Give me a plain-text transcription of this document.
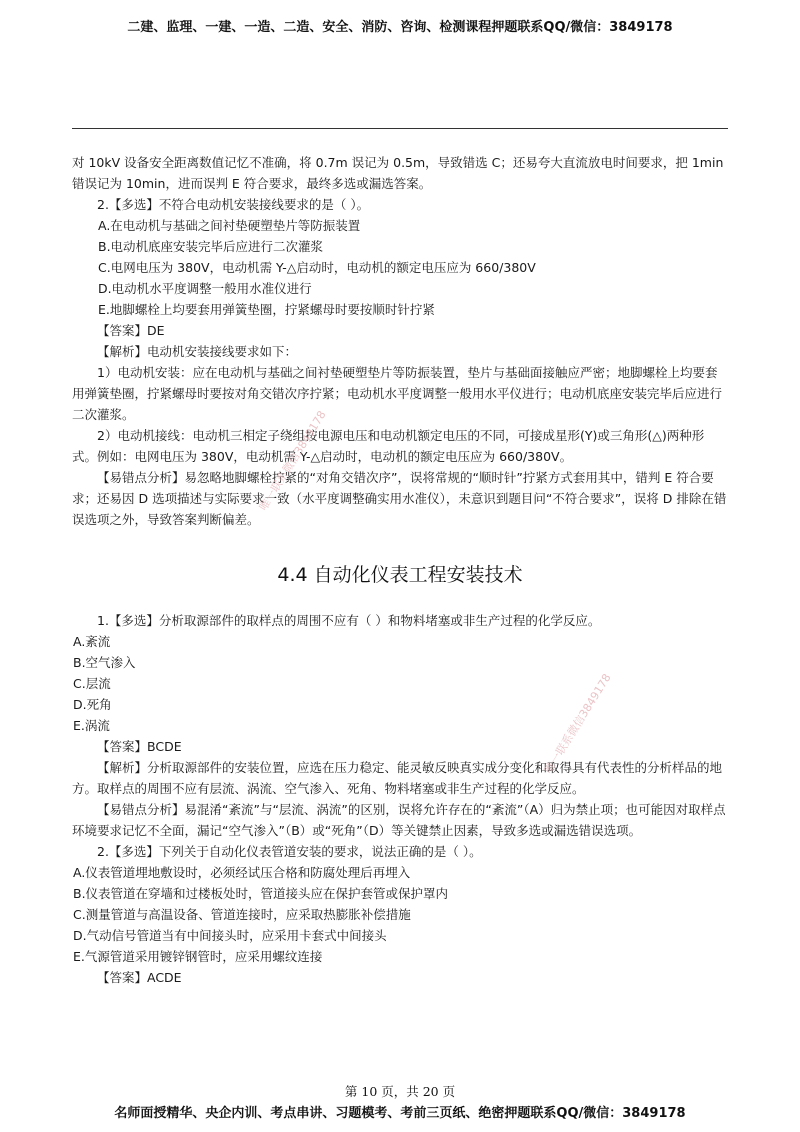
二建、监理、一建、一造、二造、安全、消防、咨询、检测课程押题联系QQ/微信：3849178

对 10kV 设备安全距离数值记忆不准确，将 0.7m 误记为 0.5m，导致错选 C；还易夸大直流放电时间要求，把 1min 错误记为 10min，进而误判 E 符合要求，最终多选或漏选答案。

2.【多选】不符合电动机安装接线要求的是（ ）。

A.在电动机与基础之间衬垫硬塑垫片等防振装置

B.电动机底座安装完毕后应进行二次灌浆

C.电网电压为 380V，电动机需 Y-△启动时，电动机的额定电压应为 660/380V

D.电动机水平度调整一般用水准仪进行

E.地脚螺栓上均要套用弹簧垫圈，拧紧螺母时要按顺时针拧紧

【答案】DE

【解析】电动机安装接线要求如下：

1）电动机安装：应在电动机与基础之间衬垫硬塑垫片等防振装置，垫片与基础面接触应严密；地脚螺栓上均要套用弹簧垫圈，拧紧螺母时要按对角交错次序拧紧；电动机水平度调整一般用水平仪进行；电动机底座安装完毕后应进行二次灌浆。

2）电动机接线：电动机三相定子绕组按电源电压和电动机额定电压的不同，可接成星形(Y)或三角形(△)两种形式。例如：电网电压为 380V，电动机需 Y-△启动时，电动机的额定电压应为 660/380V。

【易错点分析】易忽略地脚螺栓拧紧的“对角交错次序”，误将常规的“顺时针”拧紧方式套用其中，错判 E 符合要求；还易因 D 选项描述与实际要求一致（水平度调整确实用水准仪），未意识到题目问“不符合要求”，误将 D 排除在错误选项之外，导致答案判断偏差。

4.4 自动化仪表工程安装技术

1.【多选】分析取源部件的取样点的周围不应有（ ）和物料堵塞或非生产过程的化学反应。

A.紊流

B.空气渗入

C.层流

D.死角

E.涡流

【答案】BCDE

【解析】分析取源部件的安装位置，应选在压力稳定、能灵敏反映真实成分变化和取得具有代表性的分析样品的地方。取样点的周围不应有层流、涡流、空气渗入、死角、物料堵塞或非生产过程的化学反应。

【易错点分析】易混淆“紊流”与“层流、涡流”的区别，误将允许存在的“紊流”（A）归为禁止项；也可能因对取样点环境要求记忆不全面，漏记“空气渗入”（B）或“死角”（D）等关键禁止因素，导致多选或漏选错误选项。

2.【多选】下列关于自动化仪表管道安装的要求，说法正确的是（ ）。

A.仪表管道埋地敷设时，必须经试压合格和防腐处理后再埋入

B.仪表管道在穿墙和过楼板处时，管道接头应在保护套管或保护罩内

C.测量管道与高温设备、管道连接时，应采取热膨胀补偿措施

D.气动信号管道当有中间接头时，应采用卡套式中间接头

E.气源管道采用镀锌钢管时，应采用螺纹连接

【答案】ACDE

唯一联系微信3849178
唯一联系微信3849178
第 10 页，共 20 页
名师面授精华、央企内训、考点串讲、习题模考、考前三页纸、绝密押题联系QQ/微信：3849178
